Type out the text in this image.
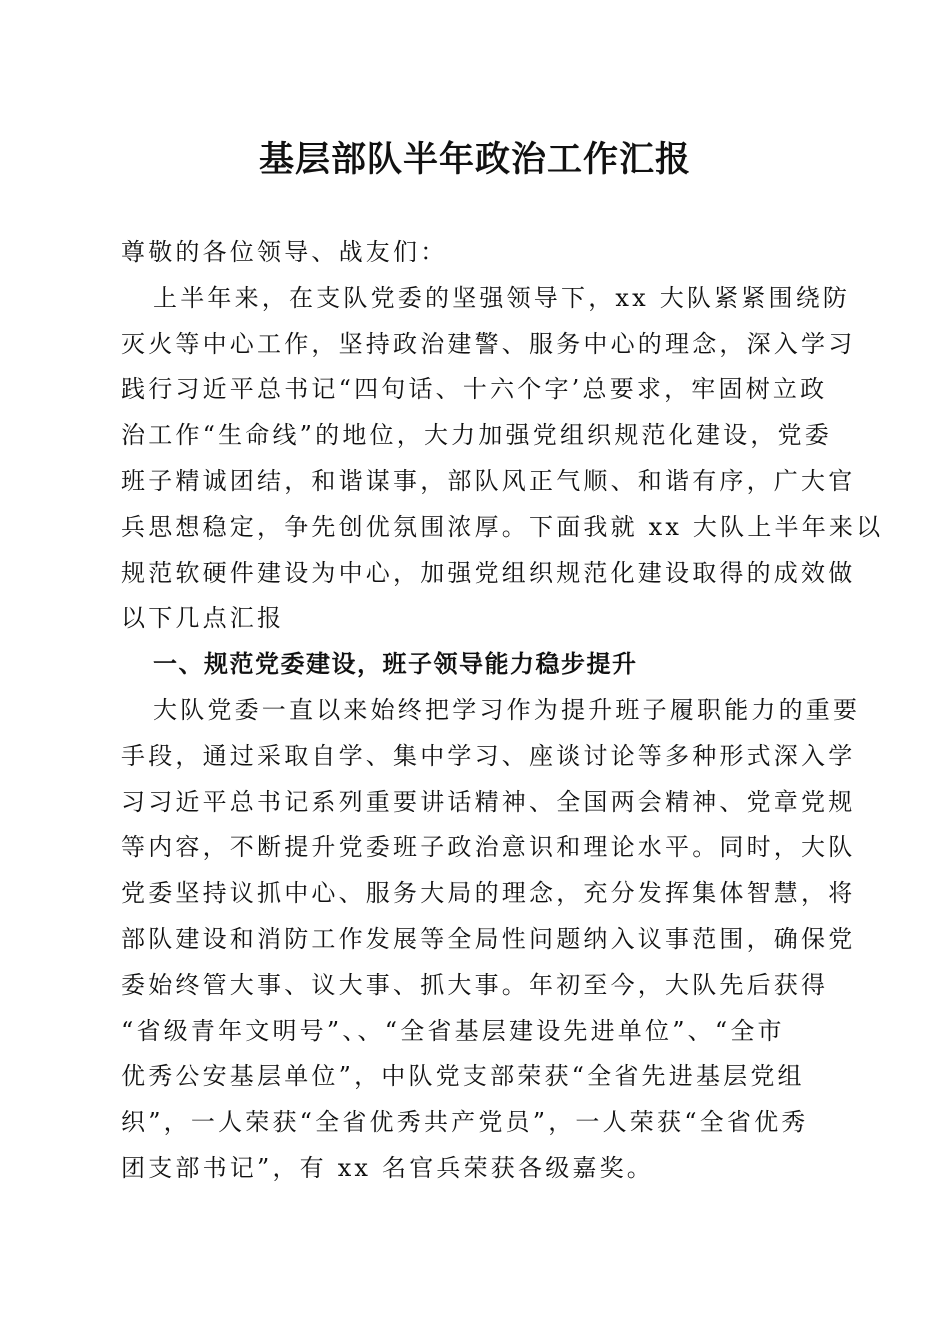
基层部队半年政治工作汇报
尊敬的各位领导、战友们：
上半年来，在支队党委的坚强领导下，xx 大队紧紧围绕防
灭火等中心工作，坚持政治建警、服务中心的理念，深入学习
践行习近平总书记“四句话、十六个字’总要求，牢固树立政
治工作“生命线”的地位，大力加强党组织规范化建设，党委
班子精诚团结，和谐谋事，部队风正气顺、和谐有序，广大官
兵思想稳定，争先创优氛围浓厚。下面我就 xx 大队上半年来以
规范软硬件建设为中心，加强党组织规范化建设取得的成效做
以下几点汇报
一、规范党委建设，班子领导能力稳步提升
大队党委一直以来始终把学习作为提升班子履职能力的重要
手段，通过采取自学、集中学习、座谈讨论等多种形式深入学
习习近平总书记系列重要讲话精神、全国两会精神、党章党规
等内容，不断提升党委班子政治意识和理论水平。同时，大队
党委坚持议抓中心、服务大局的理念，充分发挥集体智慧，将
部队建设和消防工作发展等全局性问题纳入议事范围，确保党
委始终管大事、议大事、抓大事。年初至今，大队先后获得
“省级青年文明号”、、“全省基层建设先进单位”、“全市
优秀公安基层单位”，中队党支部荣获“全省先进基层党组
织”，一人荣获“全省优秀共产党员”，一人荣获“全省优秀
团支部书记”，有 xx 名官兵荣获各级嘉奖。
